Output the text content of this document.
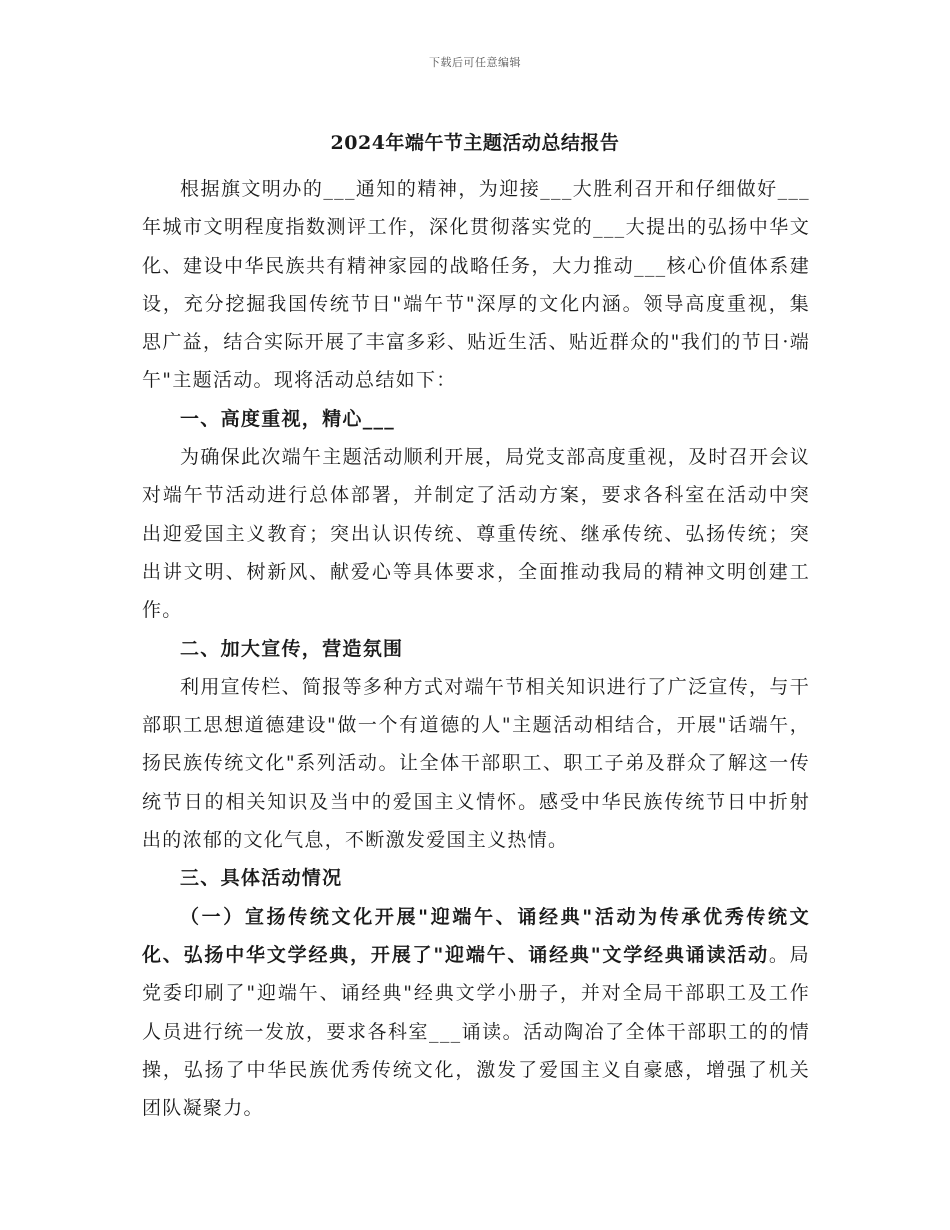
下载后可任意编辑
2024年端午节主题活动总结报告

根据旗文明办的___通知的精神，为迎接___大胜利召开和仔细做好___年城市文明程度指数测评工作，深化贯彻落实党的___大提出的弘扬中华文化、建设中华民族共有精神家园的战略任务，大力推动___核心价值体系建设，充分挖掘我国传统节日"端午节"深厚的文化内涵。领导高度重视，集思广益，结合实际开展了丰富多彩、贴近生活、贴近群众的"我们的节日·端午"主题活动。现将活动总结如下：

一、高度重视，精心___

为确保此次端午主题活动顺利开展，局党支部高度重视，及时召开会议对端午节活动进行总体部署，并制定了活动方案，要求各科室在活动中突出迎爱国主义教育；突出认识传统、尊重传统、继承传统、弘扬传统；突出讲文明、树新风、献爱心等具体要求，全面推动我局的精神文明创建工作。

二、加大宣传，营造氛围

利用宣传栏、简报等多种方式对端午节相关知识进行了广泛宣传，与干部职工思想道德建设"做一个有道德的人"主题活动相结合，开展"话端午，扬民族传统文化"系列活动。让全体干部职工、职工子弟及群众了解这一传统节日的相关知识及当中的爱国主义情怀。感受中华民族传统节日中折射出的浓郁的文化气息，不断激发爱国主义热情。

三、具体活动情况

（一）宣扬传统文化开展"迎端午、诵经典"活动为传承优秀传统文化、弘扬中华文学经典，开展了"迎端午、诵经典"文学经典诵读活动。局党委印刷了"迎端午、诵经典"经典文学小册子，并对全局干部职工及工作人员进行统一发放，要求各科室___诵读。活动陶冶了全体干部职工的的情操，弘扬了中华民族优秀传统文化，激发了爱国主义自豪感，增强了机关团队凝聚力。
